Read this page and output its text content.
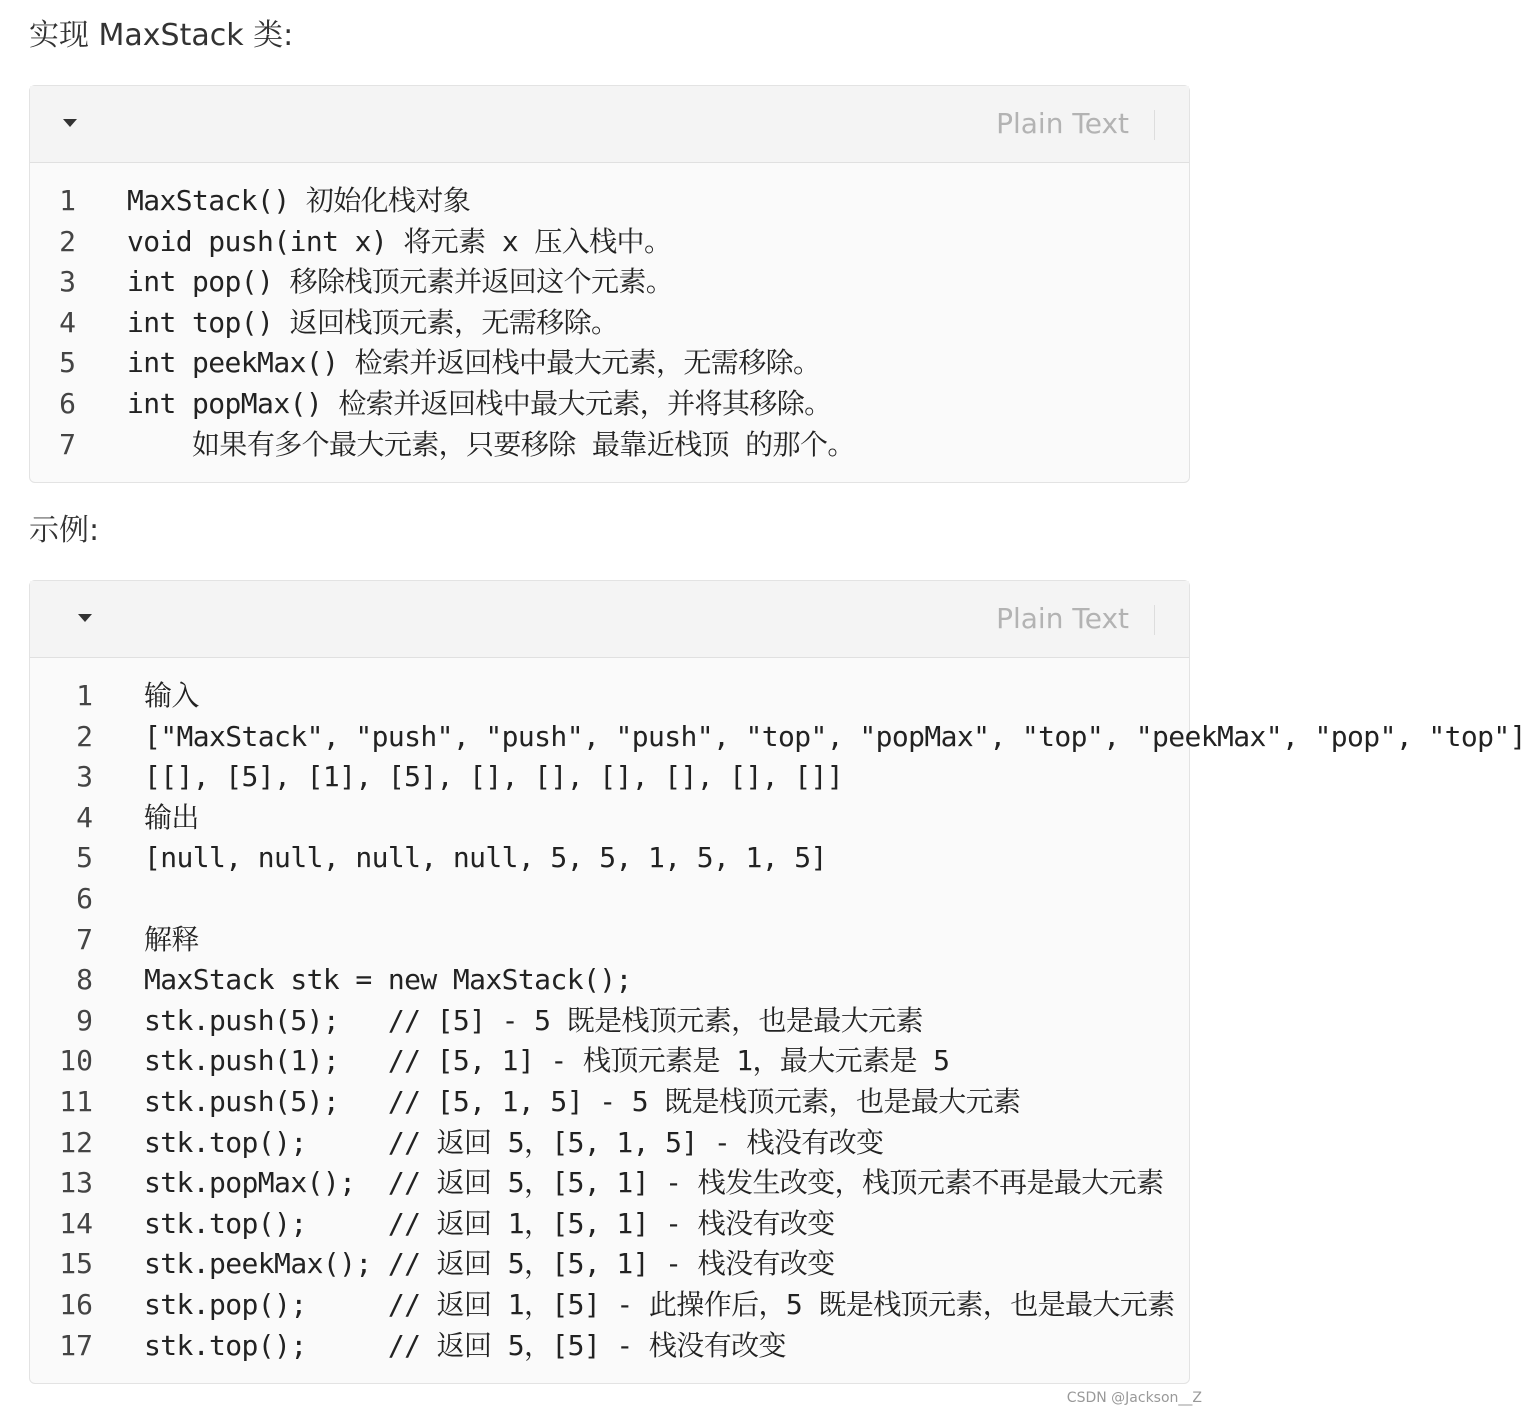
实现 MaxStack 类:
Plain Text
1 MaxStack() 初始化栈对象
2 void push(int x) 将元素 x 压入栈中。
3 int pop() 移除栈顶元素并返回这个元素。
4 int top() 返回栈顶元素，无需移除。
5 int peekMax() 检索并返回栈中最大元素，无需移除。
6 int popMax() 检索并返回栈中最大元素，并将其移除。
7 如果有多个最大元素，只要移除 最靠近栈顶 的那个。
示例:
Plain Text
1 输入
2 ["MaxStack", "push", "push", "push", "top", "popMax", "top", "peekMax", "pop", "top"]
3 [[], [5], [1], [5], [], [], [], [], [], []]
4 输出
5 [null, null, null, null, 5, 5, 1, 5, 1, 5]
6
7 解释
8 MaxStack stk = new MaxStack();
9 stk.push(5);   // [5] - 5 既是栈顶元素，也是最大元素
10 stk.push(1);   // [5, 1] - 栈顶元素是 1，最大元素是 5
11 stk.push(5);   // [5, 1, 5] - 5 既是栈顶元素，也是最大元素
12 stk.top();     // 返回 5，[5, 1, 5] - 栈没有改变
13 stk.popMax();  // 返回 5，[5, 1] - 栈发生改变，栈顶元素不再是最大元素
14 stk.top();     // 返回 1，[5, 1] - 栈没有改变
15 stk.peekMax(); // 返回 5，[5, 1] - 栈没有改变
16 stk.pop();     // 返回 1，[5] - 此操作后，5 既是栈顶元素，也是最大元素
17 stk.top();     // 返回 5，[5] - 栈没有改变
CSDN @Jackson__Z
